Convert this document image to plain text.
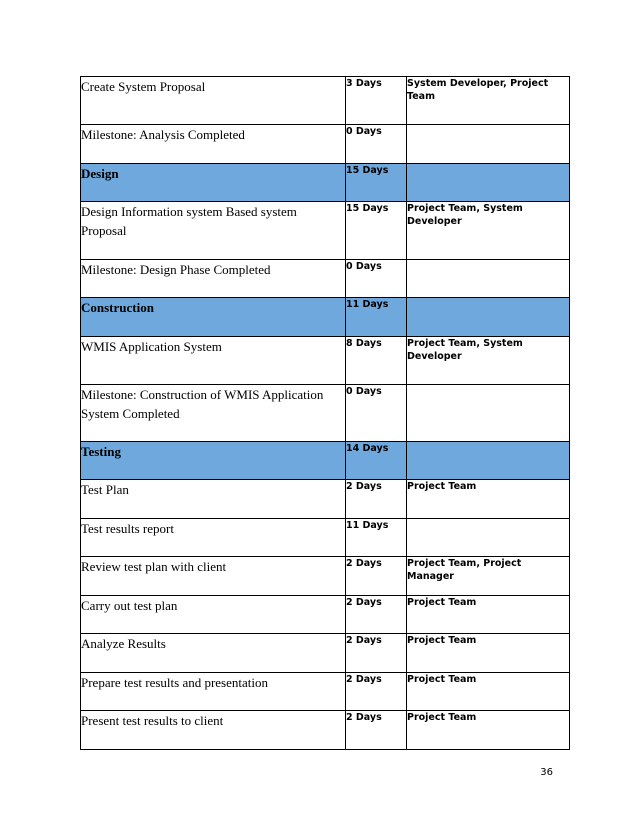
Create System Proposal	3 Days	System Developer, Project Team
Milestone: Analysis Completed	0 Days	
Design	15 Days	
Design Information system Based system Proposal	15 Days	Project Team, System Developer
Milestone: Design Phase Completed	0 Days	
Construction	11 Days	
WMIS Application System	8 Days	Project Team, System Developer
Milestone: Construction of WMIS Application System Completed	0 Days	
Testing	14 Days	
Test Plan	2 Days	Project Team
Test results report	11 Days	
Review test plan with client	2 Days	Project Team, Project Manager
Carry out test plan	2 Days	Project Team
Analyze Results	2 Days	Project Team
Prepare test results and presentation	2 Days	Project Team
Present test results to client	2 Days	Project Team
36
